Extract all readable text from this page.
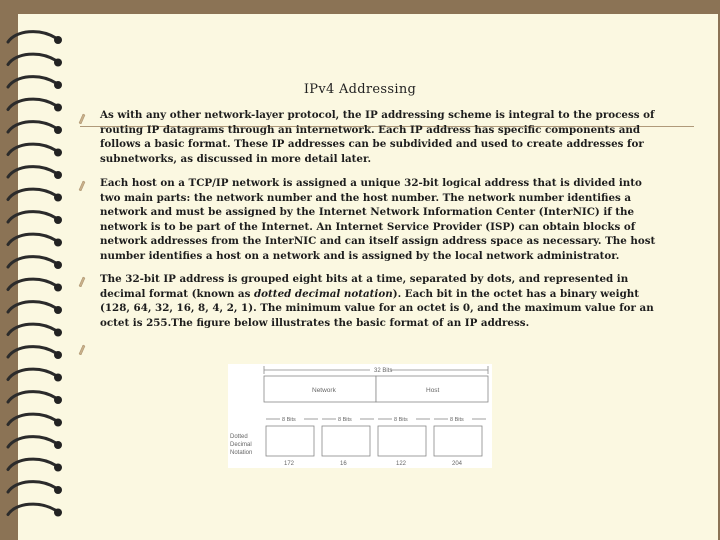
IPv4 Addressing
As with any other network-layer protocol, the IP addressing scheme is integral to the process of routing IP datagrams through an internetwork. Each IP address has specific components and follows a basic format. These IP addresses can be subdivided and used to create addresses for subnetworks, as discussed in more detail later.
Each host on a TCP/IP network is assigned a unique 32-bit logical address that is divided into two main parts: the network number and the host number. The network number identifies a network and must be assigned by the Internet Network Information Center (InterNIC) if the network is to be part of the Internet. An Internet Service Provider (ISP) can obtain blocks of network addresses from the InterNIC and can itself assign address space as necessary. The host number identifies a host on a network and is assigned by the local network administrator.
The 32-bit IP address is grouped eight bits at a time, separated by dots, and represented in decimal format (known as dotted decimal notation). Each bit in the octet has a binary weight (128, 64, 32, 16, 8, 4, 2, 1). The minimum value for an octet is 0, and the maximum value for an octet is 255.The figure below illustrates the basic format of an IP address.
32 Bits
Network	Host
8 Bits
172
8 Bits
16
8 Bits
122
8 Bits
204
Dotted
Decimal
Notation
